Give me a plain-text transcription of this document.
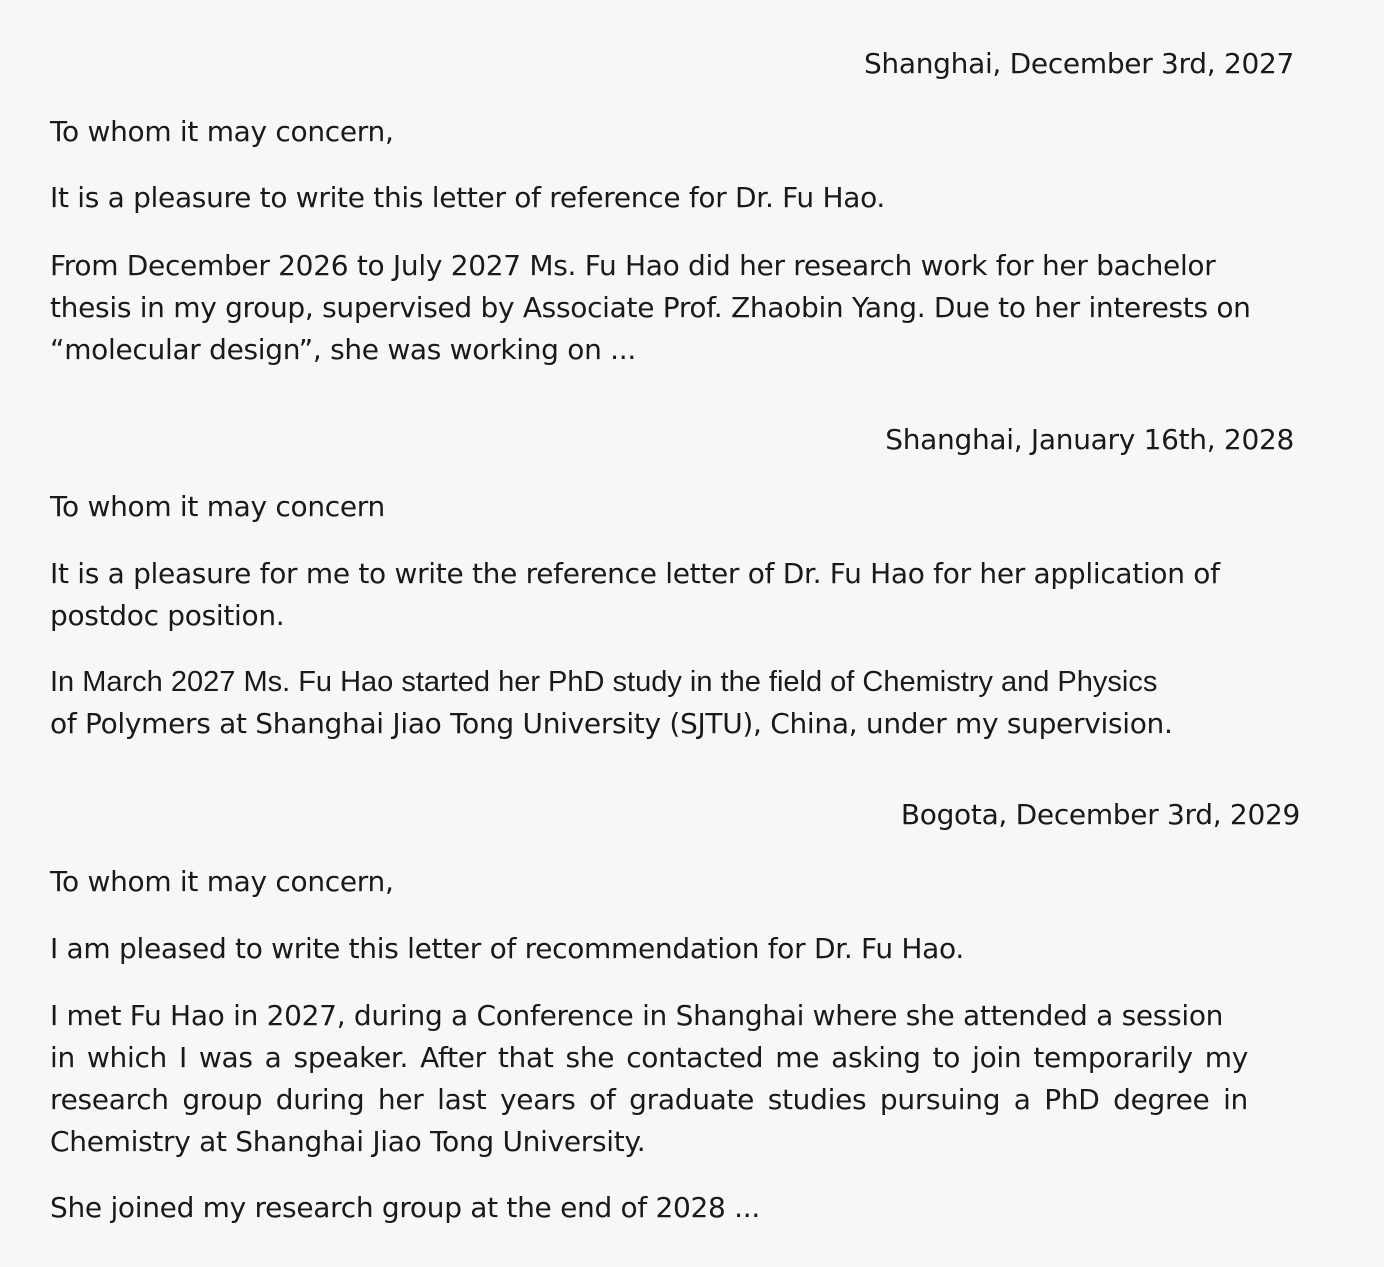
Shanghai, December 3rd, 2027
To whom it may concern,
It is a pleasure to write this letter of reference for Dr. Fu Hao.
From December 2026 to July 2027 Ms. Fu Hao did her research work for her bachelor
thesis in my group, supervised by Associate Prof. Zhaobin Yang. Due to her interests on
“molecular design”, she was working on ...
Shanghai, January 16th, 2028
To whom it may concern
It is a pleasure for me to write the reference letter of Dr. Fu Hao for her application of
postdoc position.
In March 2027 Ms. Fu Hao started her PhD study in the field of Chemistry and Physics
of Polymers at Shanghai Jiao Tong University (SJTU), China, under my supervision.
Bogota, December 3rd, 2029
To whom it may concern,
I am pleased to write this letter of recommendation for Dr. Fu Hao.
I met Fu Hao in 2027, during a Conference in Shanghai where she attended a session
in which I was a speaker. After that she contacted me asking to join temporarily my
research group during her last years of graduate studies pursuing a PhD degree in
Chemistry at Shanghai Jiao Tong University.
She joined my research group at the end of 2028 ...
